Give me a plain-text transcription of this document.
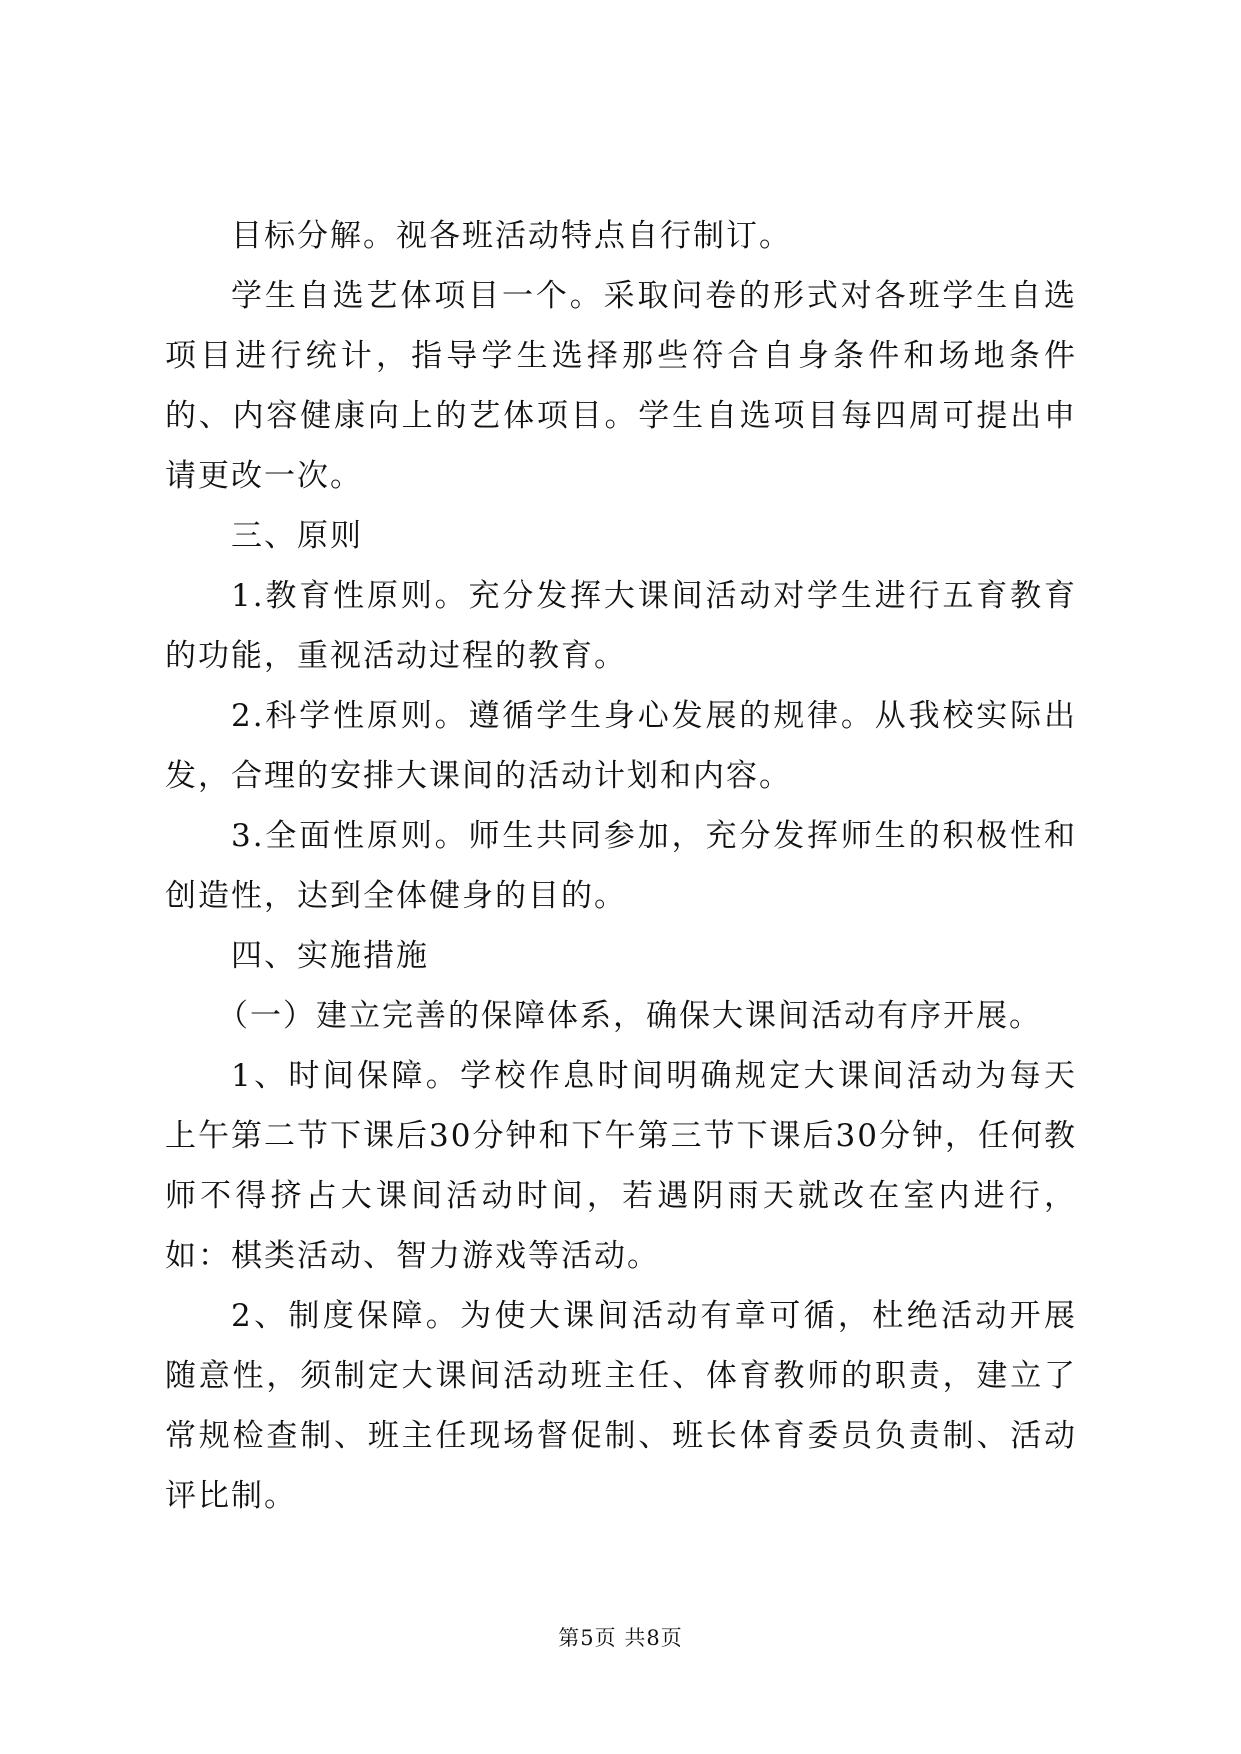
目标分解。视各班活动特点自行制订。

学生自选艺体项目一个。采取问卷的形式对各班学生自选项目进行统计，指导学生选择那些符合自身条件和场地条件的、内容健康向上的艺体项目。学生自选项目每四周可提出申请更改一次。

三、原则

1.教育性原则。充分发挥大课间活动对学生进行五育教育的功能，重视活动过程的教育。

2.科学性原则。遵循学生身心发展的规律。从我校实际出发，合理的安排大课间的活动计划和内容。

3.全面性原则。师生共同参加，充分发挥师生的积极性和创造性，达到全体健身的目的。

四、实施措施

（一）建立完善的保障体系，确保大课间活动有序开展。

1、时间保障。学校作息时间明确规定大课间活动为每天上午第二节下课后30分钟和下午第三节下课后30分钟，任何教师不得挤占大课间活动时间，若遇阴雨天就改在室内进行，如：棋类活动、智力游戏等活动。

2、制度保障。为使大课间活动有章可循，杜绝活动开展随意性，须制定大课间活动班主任、体育教师的职责，建立了常规检查制、班主任现场督促制、班长体育委员负责制、活动评比制。

第5页 共8页
